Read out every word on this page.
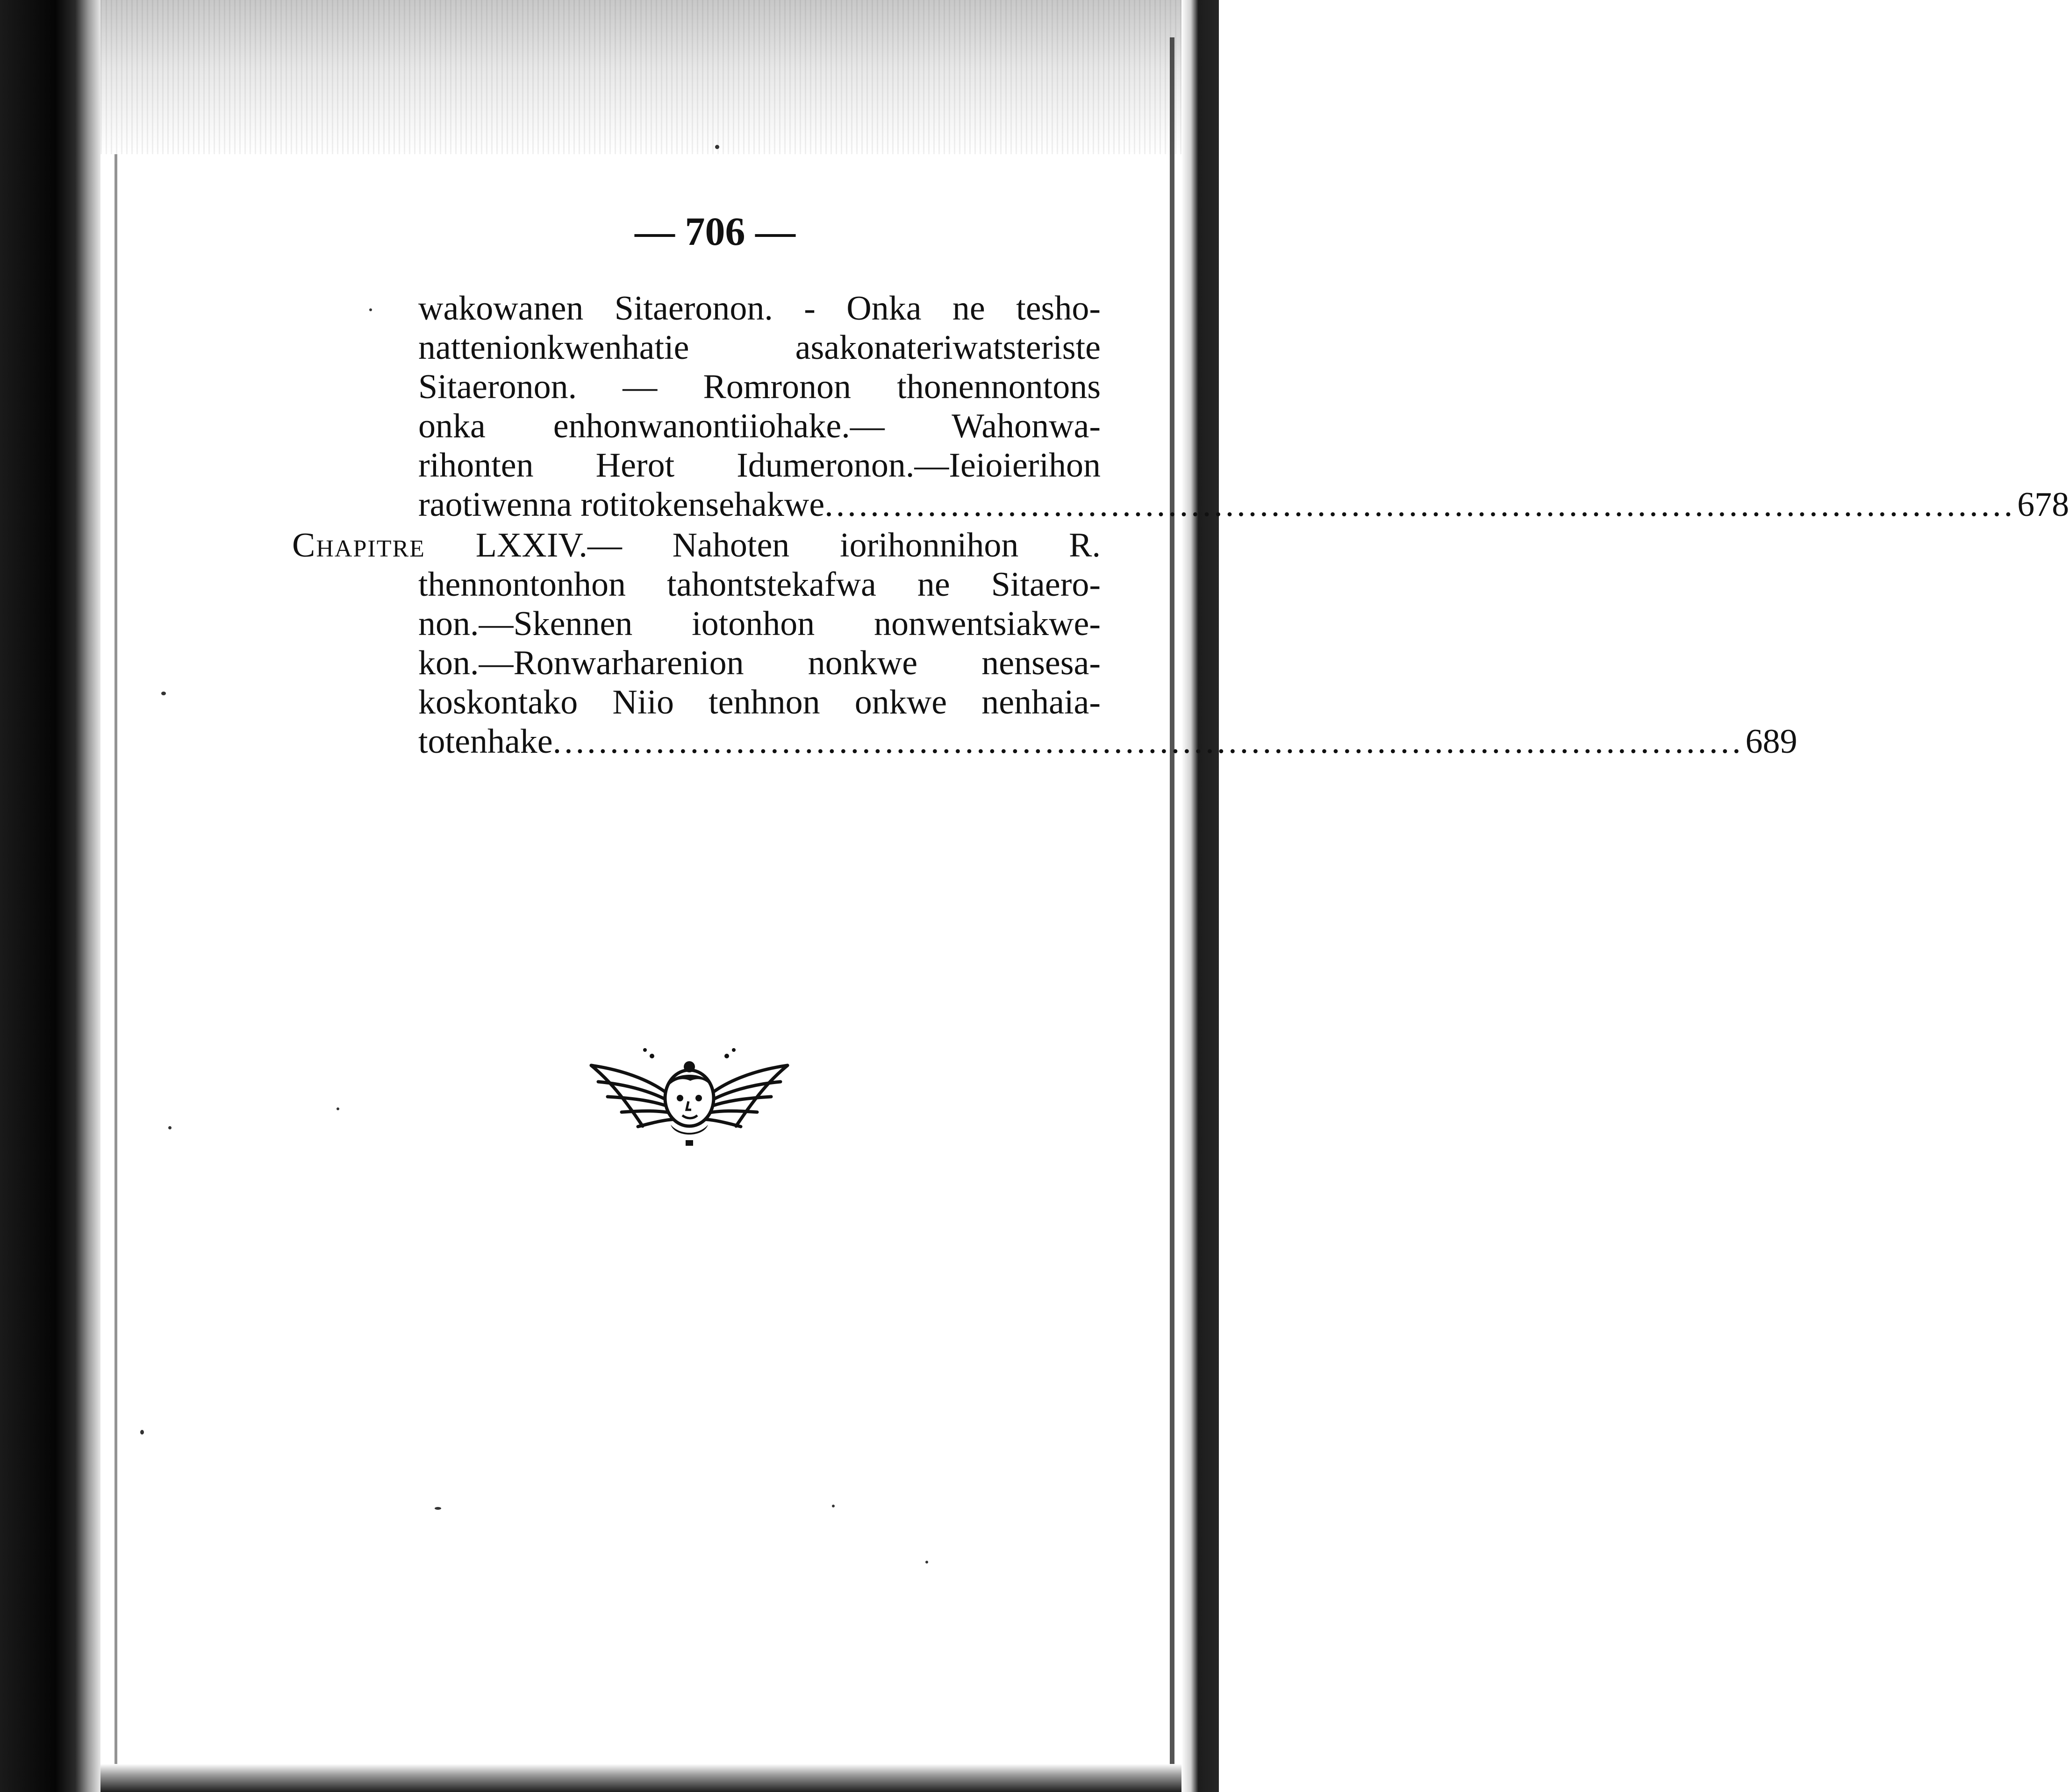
— 706 —
wakowanen Sitaeronon. - Onka ne tesho-
nattenionkwenhatie asakonateriwatsteriste
Sitaeronon. — Romronon thonennontons
onka enhonwanontiiohake.— Wahonwa-
rihonten Herot Idumeronon.—Ieioierihon
raotiwenna rotitokensehakwe ........................................................................................................ 678
Chapitre LXXIV.— Nahoten iorihonnihon R.
thennontonhon tahontstekafwa ne Sitaero-
non.—Skennen iotonhon nonwentsiakwe-
kon.—Ronwarharenion nonkwe nensesa-
koskontako Niio tenhnon onkwe nenhaia-
totenhake ........................................................................................................ 689
